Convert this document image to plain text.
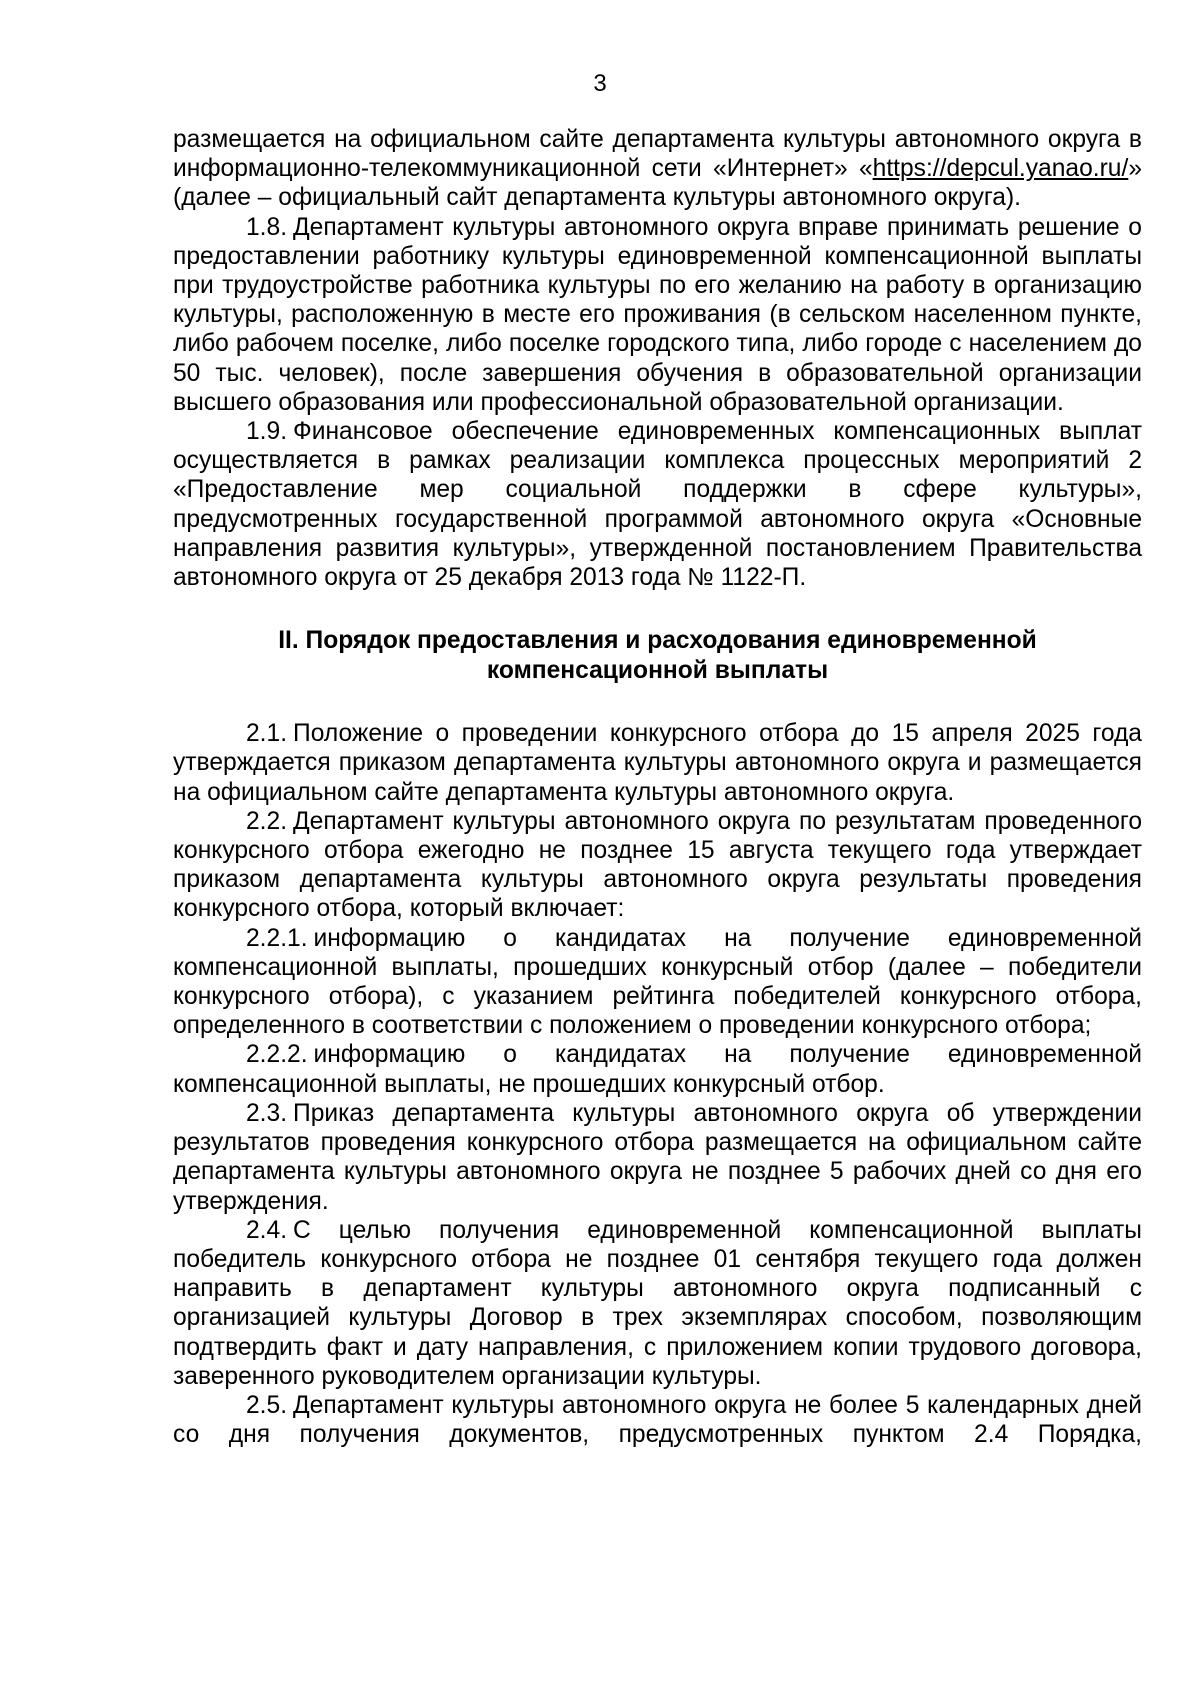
3

размещается на официальном сайте департамента культуры автономного округа в информационно-телекоммуникационной сети «Интернет» «https://depcul.yanao.ru/» (далее – официальный сайт департамента культуры автономного округа).

1.8. Департамент культуры автономного округа вправе принимать решение о предоставлении работнику культуры единовременной компенсационной выплаты при трудоустройстве работника культуры по его желанию на работу в организацию культуры, расположенную в месте его проживания (в сельском населенном пункте, либо рабочем поселке, либо поселке городского типа, либо городе с населением до 50 тыс. человек), после завершения обучения в образовательной организации высшего образования или профессиональной образовательной организации.

1.9. Финансовое обеспечение единовременных компенсационных выплат осуществляется в рамках реализации комплекса процессных мероприятий 2 «Предоставление мер социальной поддержки в сфере культуры», предусмотренных государственной программой автономного округа «Основные направления развития культуры», утвержденной постановлением Правительства автономного округа от 25 декабря 2013 года № 1122-П.

II. Порядок предоставления и расходования единовременной
компенсационной выплаты

2.1. Положение о проведении конкурсного отбора до 15 апреля 2025 года утверждается приказом департамента культуры автономного округа и размещается на официальном сайте департамента культуры автономного округа.

2.2. Департамент культуры автономного округа по результатам проведенного конкурсного отбора ежегодно не позднее 15 августа текущего года утверждает приказом департамента культуры автономного округа результаты проведения конкурсного отбора, который включает:

2.2.1. информацию о кандидатах на получение единовременной компенсационной выплаты, прошедших конкурсный отбор (далее – победители конкурсного отбора), с указанием рейтинга победителей конкурсного отбора, определенного в соответствии с положением о проведении конкурсного отбора;

2.2.2. информацию о кандидатах на получение единовременной компенсационной выплаты, не прошедших конкурсный отбор.

2.3. Приказ департамента культуры автономного округа об утверждении результатов проведения конкурсного отбора размещается на официальном сайте департамента культуры автономного округа не позднее 5 рабочих дней со дня его утверждения.

2.4. С целью получения единовременной компенсационной выплаты победитель конкурсного отбора не позднее 01 сентября текущего года должен направить в департамент культуры автономного округа подписанный с организацией культуры Договор в трех экземплярах способом, позволяющим подтвердить факт и дату направления, с приложением копии трудового договора, заверенного руководителем организации культуры.

2.5. Департамент культуры автономного округа не более 5 календарных дней со дня получения документов, предусмотренных пунктом 2.4 Порядка,
